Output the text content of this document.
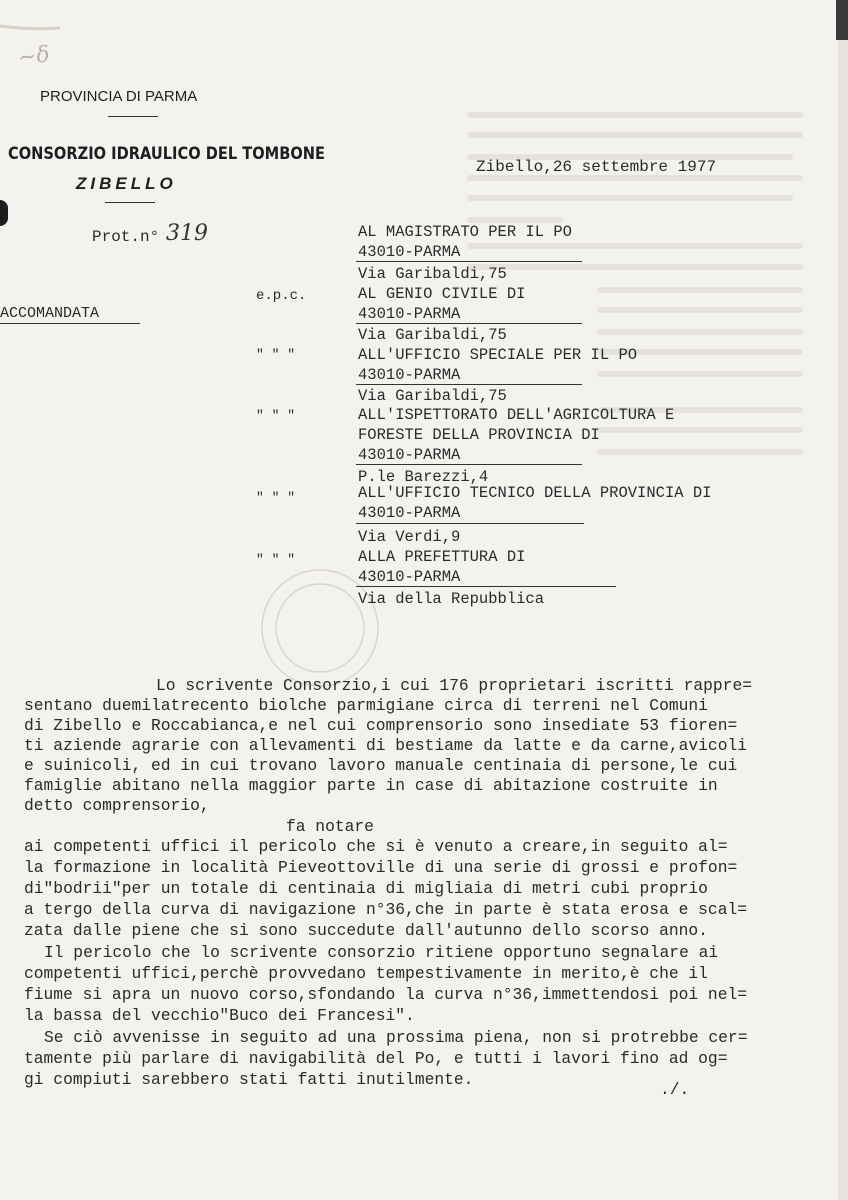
~ẟ
PROVINCIA DI PARMA
CONSORZIO IDRAULICO DEL TOMBONE
ZIBELLO
Zibello,26 settembre 1977
Prot.n° 319
ACCOMANDATA
e.p.c.
AL MAGISTRATO PER IL PO
43010-PARMA
Via Garibaldi,75
AL GENIO CIVILE DI
43010-PARMA
Via Garibaldi,75
" " "	ALL'UFFICIO SPECIALE PER IL PO
43010-PARMA
Via Garibaldi,75
" " "	ALL'ISPETTORATO DELL'AGRICOLTURA E
FORESTE DELLA PROVINCIA DI
43010-PARMA
P.le Barezzi,4
" " "	ALL'UFFICIO TECNICO DELLA PROVINCIA DI
43010-PARMA
Via Verdi,9
" " "	ALLA PREFETTURA DI
43010-PARMA
Via della Repubblica
Lo scrivente Consorzio,i cui 176 proprietari iscritti rappre=
sentano duemilatrecento biolche parmigiane circa di terreni nel Comuni
di Zibello e Roccabianca,e nel cui comprensorio sono insediate 53 fioren=
ti aziende agrarie con allevamenti di bestiame da latte e da carne,avicoli
e suinicoli, ed in cui trovano lavoro manuale centinaia di persone,le cui
famiglie abitano nella maggior parte in case di abitazione costruite in
detto comprensorio,
fa notare
ai competenti uffici il pericolo che si è venuto a creare,in seguito al=
la formazione in località Pieveottoville di una serie di grossi e profon=
di"bodrii"per un totale di centinaia di migliaia di metri cubi proprio
a tergo della curva di navigazione n°36,che in parte è stata erosa e scal=
zata dalle piene che si sono succedute dall'autunno dello scorso anno.
Il pericolo che lo scrivente consorzio ritiene opportuno segnalare ai
competenti uffici,perchè provvedano tempestivamente in merito,è che il
fiume si apra un nuovo corso,sfondando la curva n°36,immettendosi poi nel=
la bassa del vecchio"Buco dei Francesi".
Se ciò avvenisse in seguito ad una prossima piena, non si protrebbe cer=
tamente più parlare di navigabilità del Po, e tutti i lavori fino ad og=
gi compiuti sarebbero stati fatti inutilmente.
./.
